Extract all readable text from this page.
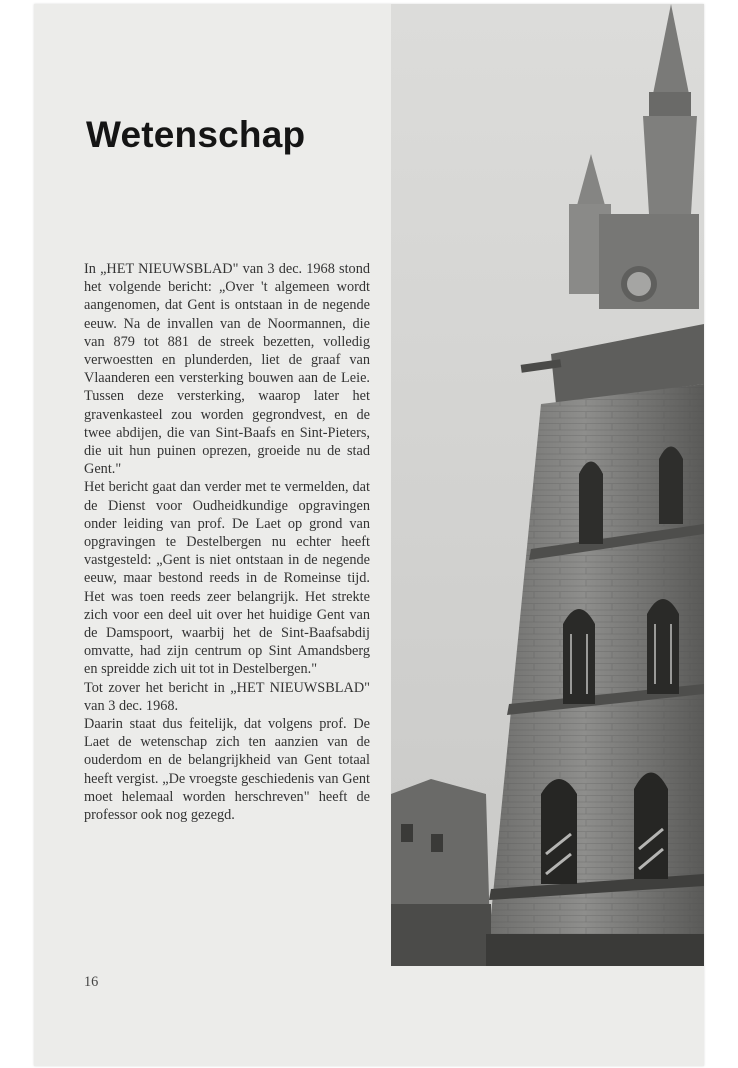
Wetenschap

In „HET NIEUWSBLAD" van 3 dec. 1968 stond het volgende bericht: „Over 't algemeen wordt aangenomen, dat Gent is ontstaan in de negende eeuw. Na de invallen van de Noormannen, die van 879 tot 881 de streek bezetten, volledig verwoestten en plunderden, liet de graaf van Vlaanderen een versterking bouwen aan de Leie. Tussen deze versterking, waarop later het gravenkasteel zou worden gegrondvest, en de twee abdijen, die van Sint-Baafs en Sint-Pieters, die uit hun puinen oprezen, groeide nu de stad Gent."

Het bericht gaat dan verder met te vermelden, dat de Dienst voor Oudheidkundige opgravingen onder leiding van prof. De Laet op grond van opgravingen te Destelbergen nu echter heeft vastgesteld: „Gent is niet ontstaan in de negende eeuw, maar bestond reeds in de Romeinse tijd. Het was toen reeds zeer belangrijk. Het strekte zich voor een deel uit over het huidige Gent van de Damspoort, waarbij het de Sint-Baafsabdij omvatte, had zijn centrum op Sint Amandsberg en spreidde zich uit tot in Destelbergen."

Tot zover het bericht in „HET NIEUWSBLAD" van 3 dec. 1968.

Daarin staat dus feitelijk, dat volgens prof. De Laet de wetenschap zich ten aanzien van de ouderdom en de belangrijkheid van Gent totaal heeft vergist. „De vroegste geschiedenis van Gent moet helemaal worden herschreven" heeft de professor ook nog gezegd.

16
